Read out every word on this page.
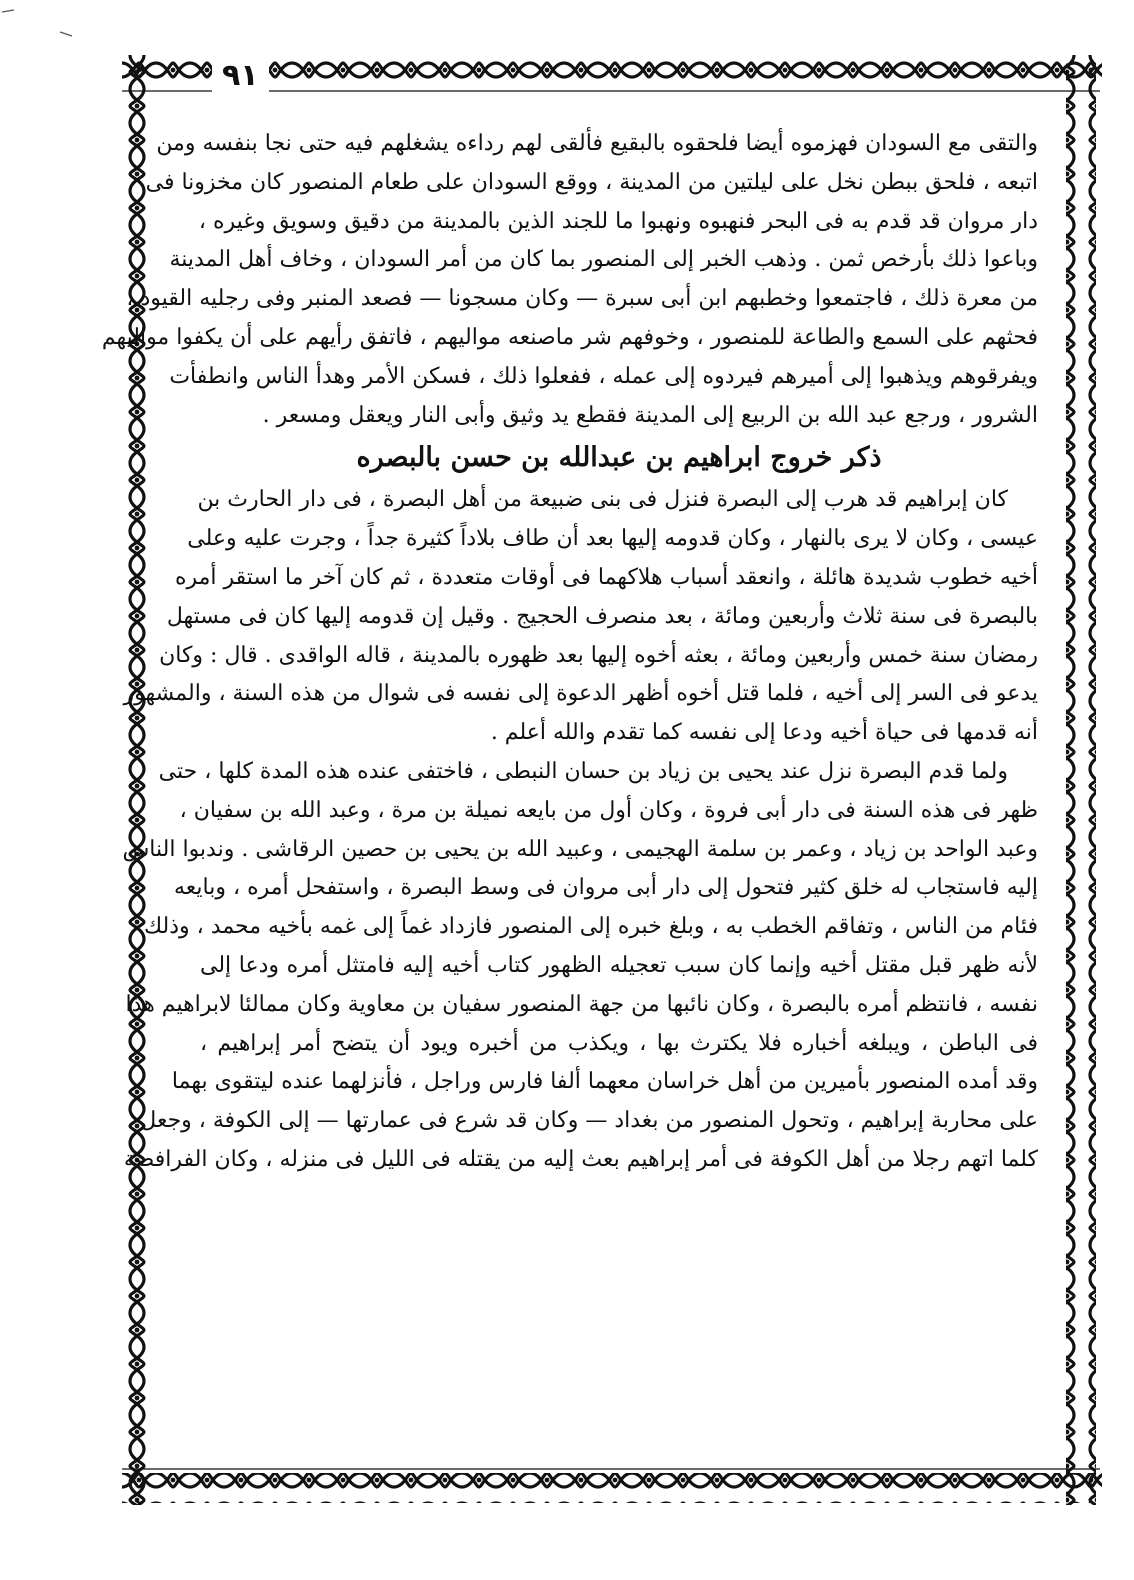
٩١

والتقى مع السودان فهزموه أيضا فلحقوه بالبقيع فألقى لهم رداءه يشغلهم فيه حتى نجا بنفسه ومن
اتبعه ، فلحق ببطن نخل على ليلتين من المدينة ، ووقع السودان على طعام المنصور كان مخزونا فى
دار مروان قد قدم به فى البحر فنهبوه ونهبوا ما للجند الذين بالمدينة من دقيق وسويق وغيره ،
وباعوا ذلك بأرخص ثمن . وذهب الخبر إلى المنصور بما كان من أمر السودان ، وخاف أهل المدينة
من معرة ذلك ، فاجتمعوا وخطبهم ابن أبى سبرة — وكان مسجونا — فصعد المنبر وفى رجليه القيود ،
فحثهم على السمع والطاعة للمنصور ، وخوفهم شر ماصنعه مواليهم ، فاتفق رأيهم على أن يكفوا مواليهم
ويفرقوهم ويذهبوا إلى أميرهم فيردوه إلى عمله ، ففعلوا ذلك ، فسكن الأمر وهدأ الناس وانطفأت
الشرور ، ورجع عبد الله بن الربيع إلى المدينة فقطع يد وثيق وأبى النار ويعقل ومسعر .

ذكر خروج ابراهيم بن عبدالله بن حسن بالبصره

كان إبراهيم قد هرب إلى البصرة فنزل فى بنى ضبيعة من أهل البصرة ، فى دار الحارث بن
عيسى ، وكان لا يرى بالنهار ، وكان قدومه إليها بعد أن طاف بلاداً كثيرة جداً ، وجرت عليه وعلى
أخيه خطوب شديدة هائلة ، وانعقد أسباب هلاكهما فى أوقات متعددة ، ثم كان آخر ما استقر أمره
بالبصرة فى سنة ثلاث وأربعين ومائة ، بعد منصرف الحجيج . وقيل إن قدومه إليها كان فى مستهل
رمضان سنة خمس وأربعين ومائة ، بعثه أخوه إليها بعد ظهوره بالمدينة ، قاله الواقدى . قال : وكان
يدعو فى السر إلى أخيه ، فلما قتل أخوه أظهر الدعوة إلى نفسه فى شوال من هذه السنة ، والمشهور
أنه قدمها فى حياة أخيه ودعا إلى نفسه كما تقدم والله أعلم .

ولما قدم البصرة نزل عند يحيى بن زياد بن حسان النبطى ، فاختفى عنده هذه المدة كلها ، حتى
ظهر فى هذه السنة فى دار أبى فروة ، وكان أول من بايعه نميلة بن مرة ، وعبد الله بن سفيان ،
وعبد الواحد بن زياد ، وعمر بن سلمة الهجيمى ، وعبيد الله بن يحيى بن حصين الرقاشى . وندبوا الناس
إليه فاستجاب له خلق كثير فتحول إلى دار أبى مروان فى وسط البصرة ، واستفحل أمره ، وبايعه
فئام من الناس ، وتفاقم الخطب به ، وبلغ خبره إلى المنصور فازداد غماً إلى غمه بأخيه محمد ، وذلك
لأنه ظهر قبل مقتل أخيه وإنما كان سبب تعجيله الظهور كتاب أخيه إليه فامتثل أمره ودعا إلى
نفسه ، فانتظم أمره بالبصرة ، وكان نائبها من جهة المنصور سفيان بن معاوية وكان ممالئا لابراهيم هذا
فى الباطن ، ويبلغه أخباره فلا يكترث بها ، ويكذب من أخبره ويود أن يتضح أمر إبراهيم ،
وقد أمده المنصور بأميرين من أهل خراسان معهما ألفا فارس وراجل ، فأنزلهما عنده ليتقوى بهما
على محاربة إبراهيم ، وتحول المنصور من بغداد — وكان قد شرع فى عمارتها — إلى الكوفة ، وجعل
كلما اتهم رجلا من أهل الكوفة فى أمر إبراهيم بعث إليه من يقتله فى الليل فى منزله ، وكان الفرافصة
